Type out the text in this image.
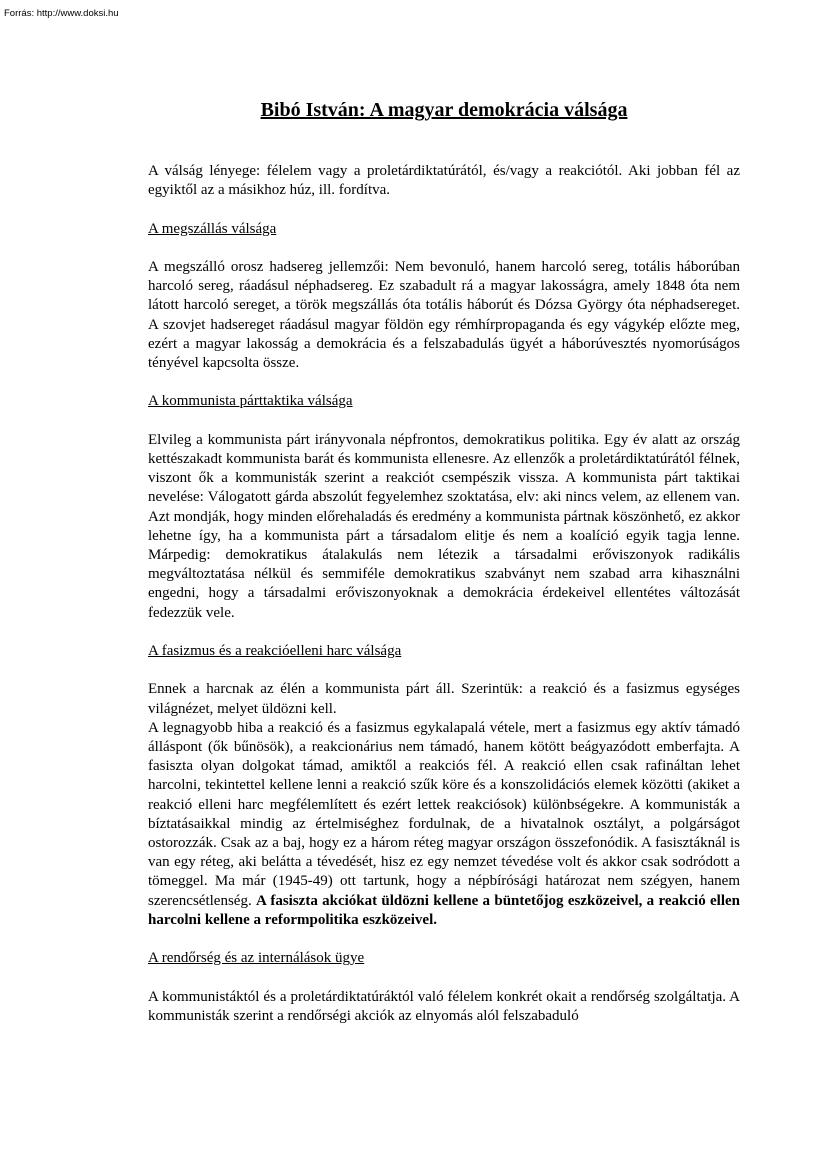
Forrás: http://www.doksi.hu
Bibó István: A magyar demokrácia válsága

A válság lényege: félelem vagy a proletárdiktatúrától, és/vagy a reakciótól. Aki jobban fél az egyiktől az a másikhoz húz, ill. fordítva.

A megszállás válsága

A megszálló orosz hadsereg jellemzői: Nem bevonuló, hanem harcoló sereg, totális háborúban harcoló sereg, ráadásul néphadsereg. Ez szabadult rá a magyar lakosságra, amely 1848 óta nem látott harcoló sereget, a török megszállás óta totális háborút és Dózsa György óta néphadsereget. A szovjet hadsereget ráadásul magyar földön egy rémhírpropaganda és egy vágykép előzte meg, ezért a magyar lakosság a demokrácia és a felszabadulás ügyét a háborúvesztés nyomorúságos tényével kapcsolta össze.

A kommunista párttaktika válsága

Elvileg a kommunista párt irányvonala népfrontos, demokratikus politika. Egy év alatt az ország kettészakadt kommunista barát és kommunista ellenesre. Az ellenzők a proletárdiktatúrától félnek, viszont ők a kommunisták szerint a reakciót csempészik vissza. A kommunista párt taktikai nevelése: Válogatott gárda abszolút fegyelemhez szoktatása, elv: aki nincs velem, az ellenem van. Azt mondják, hogy minden előrehaladás és eredmény a kommunista pártnak köszönhető, ez akkor lehetne így, ha a kommunista párt a társadalom elitje és nem a koalíció egyik tagja lenne. Márpedig: demokratikus átalakulás nem létezik a társadalmi erőviszonyok radikális megváltoztatása nélkül és semmiféle demokratikus szabványt nem szabad arra kihasználni engedni, hogy a társadalmi erőviszonyoknak a demokrácia érdekeivel ellentétes változását fedezzük vele.

A fasizmus és a reakcióelleni harc válsága

Ennek a harcnak az élén a kommunista párt áll. Szerintük: a reakció és a fasizmus egységes világnézet, melyet üldözni kell.

A legnagyobb hiba a reakció és a fasizmus egykalapalá vétele, mert a fasizmus egy aktív támadó álláspont (ők bűnösök), a reakcionárius nem támadó, hanem kötött beágyazódott emberfajta. A fasiszta olyan dolgokat támad, amiktől a reakciós fél. A reakció ellen csak rafináltan lehet harcolni, tekintettel kellene lenni a reakció szűk köre és a konszolidációs elemek közötti (akiket a reakció elleni harc megfélemlített és ezért lettek reakciósok) különbségekre. A kommunisták a bíztatásaikkal mindig az értelmiséghez fordulnak, de a hivatalnok osztályt, a polgárságot ostorozzák. Csak az a baj, hogy ez a három réteg magyar országon összefonódik. A fasisztáknál is van egy réteg, aki belátta a tévedését, hisz ez egy nemzet tévedése volt és akkor csak sodródott a tömeggel. Ma már (1945-49) ott tartunk, hogy a népbírósági határozat nem szégyen, hanem szerencsétlenség. A fasiszta akciókat üldözni kellene a büntetőjog eszközeivel, a reakció ellen harcolni kellene a reformpolitika eszközeivel.

A rendőrség és az internálások ügye

A kommunistáktól és a proletárdiktatúráktól való félelem konkrét okait a rendőrség szolgáltatja. A kommunisták szerint a rendőrségi akciók az elnyomás alól felszabaduló
